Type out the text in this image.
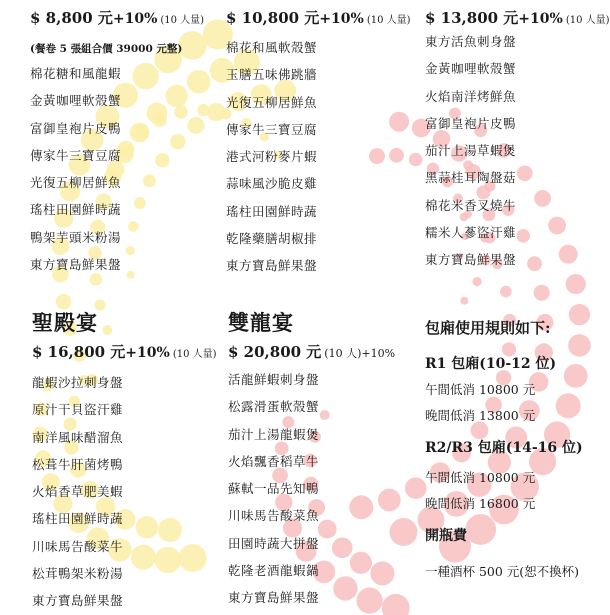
$ 8,800 元+10% (10 人量)
(餐卷 5 張組合價 39000 元整)
棉花糖和風龍蝦
金黃咖哩軟殼蟹
富御皇袍片皮鴨
傳家牛三寶豆腐
光復五柳居鮮魚
瑤柱田園鮮時蔬
鴨架芋頭米粉湯
東方寶島鮮果盤
$ 10,800 元+10% (10 人量)
棉花和風軟殼蟹
玉膳五味佛跳牆
光復五柳居鮮魚
傳家牛三寶豆腐
港式河粉麥片蝦
蒜味風沙脆皮雞
瑤柱田園鮮時蔬
乾隆藥膳胡椒排
東方寶島鮮果盤
$ 13,800 元+10% (10 人量)
東方活魚刺身盤
金黃咖哩軟殼蟹
火焰南洋烤鮮魚
富御皇袍片皮鴨
茄汁上湯草蝦煲
黑蒜桂耳陶盤菇
棉花米香叉燒牛
糯米人蔘盜汗雞
東方寶島鮮果盤
聖殿宴
$ 16,800 元+10% (10 人量)
龍蝦沙拉刺身盤
原汁干貝盜汗雞
南洋風味醋溜魚
松葺牛肝菌烤鴨
火焰香草肥美蝦
瑤柱田園鮮時蔬
川味馬告酸菜牛
松茸鴨架米粉湯
東方寶島鮮果盤
雙龍宴
$ 20,800 元 (10 人)+10%
活龍鮮蝦刺身盤
松露滑蛋軟殼蟹
茄汁上湯龍蝦煲
火焰飄香稻草牛
蘇軾一品先知鴨
川味馬告酸菜魚
田園時蔬大拼盤
乾隆老酒龍蝦鍋
東方寶島鮮果盤
包廂使用規則如下:
R1 包廂(10-12 位)
午間低消 10800 元
晚間低消 13800 元
R2/R3 包廂(14-16 位)
午間低消 10800 元
晚間低消 16800 元
開瓶費
一種酒杯 500 元(恕不換杯)
